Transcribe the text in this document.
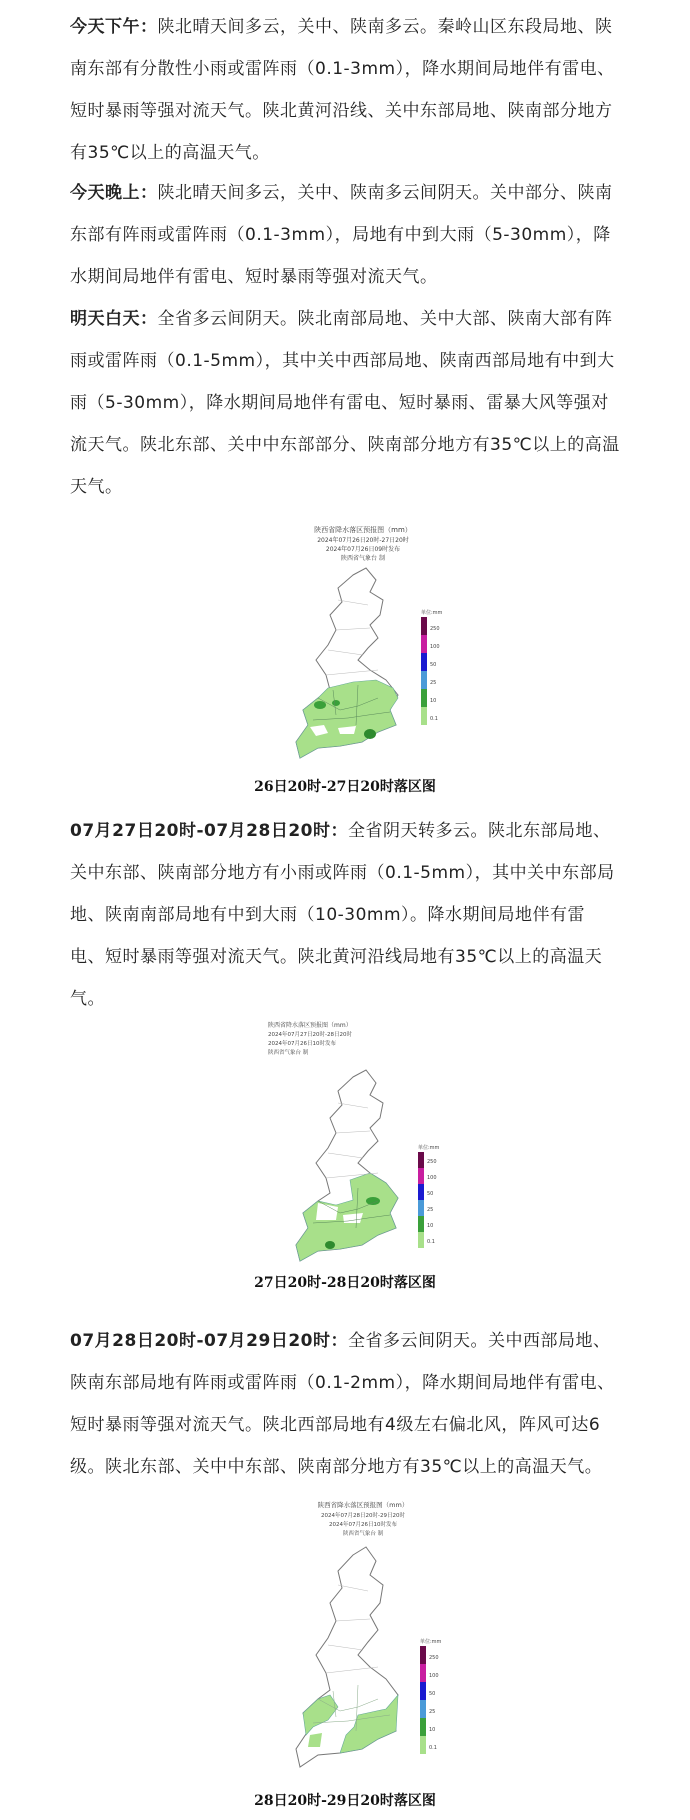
今天下午：陕北晴天间多云，关中、陕南多云。秦岭山区东段局地、陕南东部有分散性小雨或雷阵雨（0.1-3mm），降水期间局地伴有雷电、短时暴雨等强对流天气。陕北黄河沿线、关中东部局地、陕南部分地方有35℃以上的高温天气。

今天晚上：陕北晴天间多云，关中、陕南多云间阴天。关中部分、陕南东部有阵雨或雷阵雨（0.1-3mm），局地有中到大雨（5-30mm），降水期间局地伴有雷电、短时暴雨等强对流天气。

明天白天：全省多云间阴天。陕北南部局地、关中大部、陕南大部有阵雨或雷阵雨（0.1-5mm），其中关中西部局地、陕南西部局地有中到大雨（5-30mm），降水期间局地伴有雷电、短时暴雨、雷暴大风等强对流天气。陕北东部、关中中东部部分、陕南部分地方有35℃以上的高温天气。

陕西省降水落区预报图（mm）
2024年07月26日20时-27日20时
2024年07月26日09时发布
陕西省气象台 制
单位:mm
250
100
50
25
10
0.1
26日20时-27日20时落区图

07月27日20时-07月28日20时：全省阴天转多云。陕北东部局地、关中东部、陕南部分地方有小雨或阵雨（0.1-5mm），其中关中东部局地、陕南南部局地有中到大雨（10-30mm）。降水期间局地伴有雷电、短时暴雨等强对流天气。陕北黄河沿线局地有35℃以上的高温天气。

陕西省降水落区预报图（mm）
2024年07月27日20时-28日20时
2024年07月26日10时发布
陕西省气象台 制
单位:mm
250
100
50
25
10
0.1
27日20时-28日20时落区图

07月28日20时-07月29日20时：全省多云间阴天。关中西部局地、陕南东部局地有阵雨或雷阵雨（0.1-2mm），降水期间局地伴有雷电、短时暴雨等强对流天气。陕北西部局地有4级左右偏北风，阵风可达6级。陕北东部、关中中东部、陕南部分地方有35℃以上的高温天气。

陕西省降水落区预报图（mm）
2024年07月28日20时-29日20时
2024年07月26日10时发布
陕西省气象台 制
单位:mm
250
100
50
25
10
0.1
28日20时-29日20时落区图
